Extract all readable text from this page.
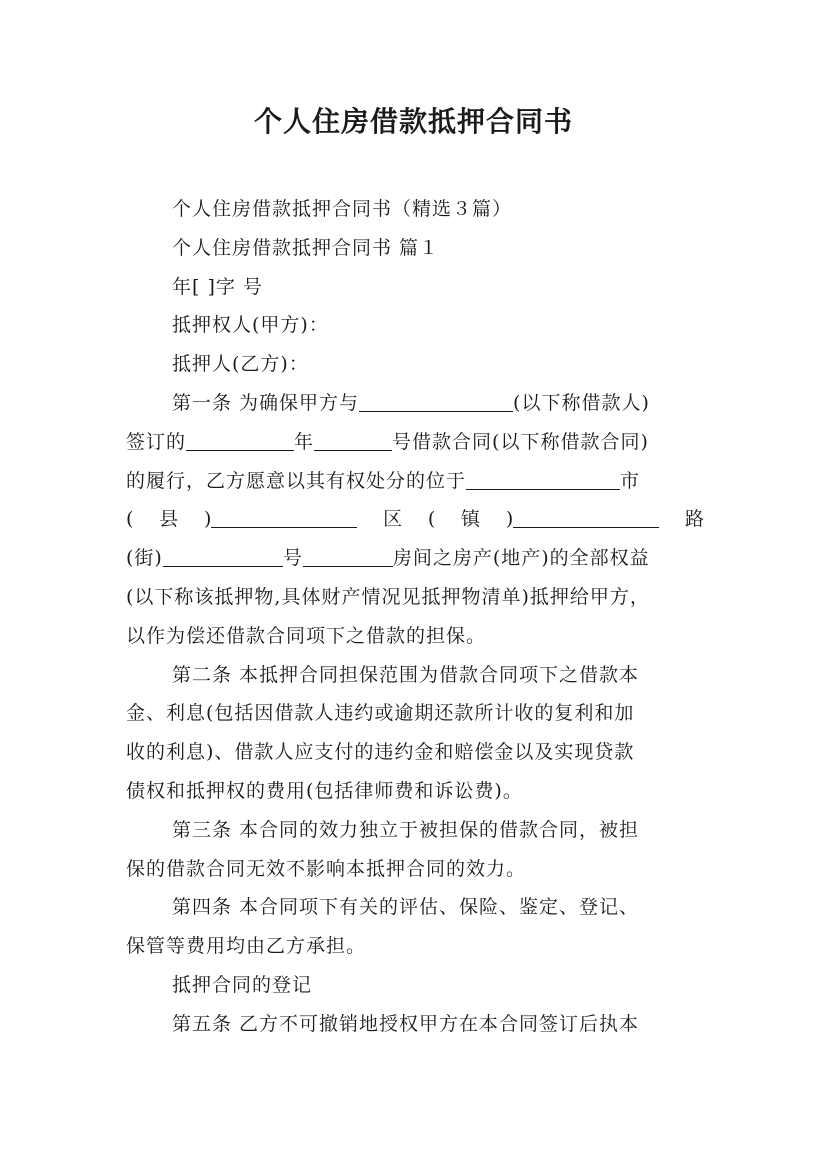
个人住房借款抵押合同书
个人住房借款抵押合同书（精选３篇）
个人住房借款抵押合同书 篇１
年[ ]字 号
抵押权人(甲方)：
抵押人(乙方)：
第一条 为确保甲方与	(以下称借款人)
签订的	年	号借款合同(以下称借款合同)
的履行，乙方愿意以其有权处分的位于	市
( 县 )	区 ( 镇 )	路
(街)	号	房间之房产(地产)的全部权益
(以下称该抵押物,具体财产情况见抵押物清单)抵押给甲方，
以作为偿还借款合同项下之借款的担保。
第二条 本抵押合同担保范围为借款合同项下之借款本
金、利息(包括因借款人违约或逾期还款所计收的复利和加
收的利息)、借款人应支付的违约金和赔偿金以及实现贷款
债权和抵押权的费用(包括律师费和诉讼费)。
第三条 本合同的效力独立于被担保的借款合同，被担
保的借款合同无效不影响本抵押合同的效力。
第四条 本合同项下有关的评估、保险、鉴定、登记、
保管等费用均由乙方承担。
抵押合同的登记
第五条 乙方不可撤销地授权甲方在本合同签订后执本
